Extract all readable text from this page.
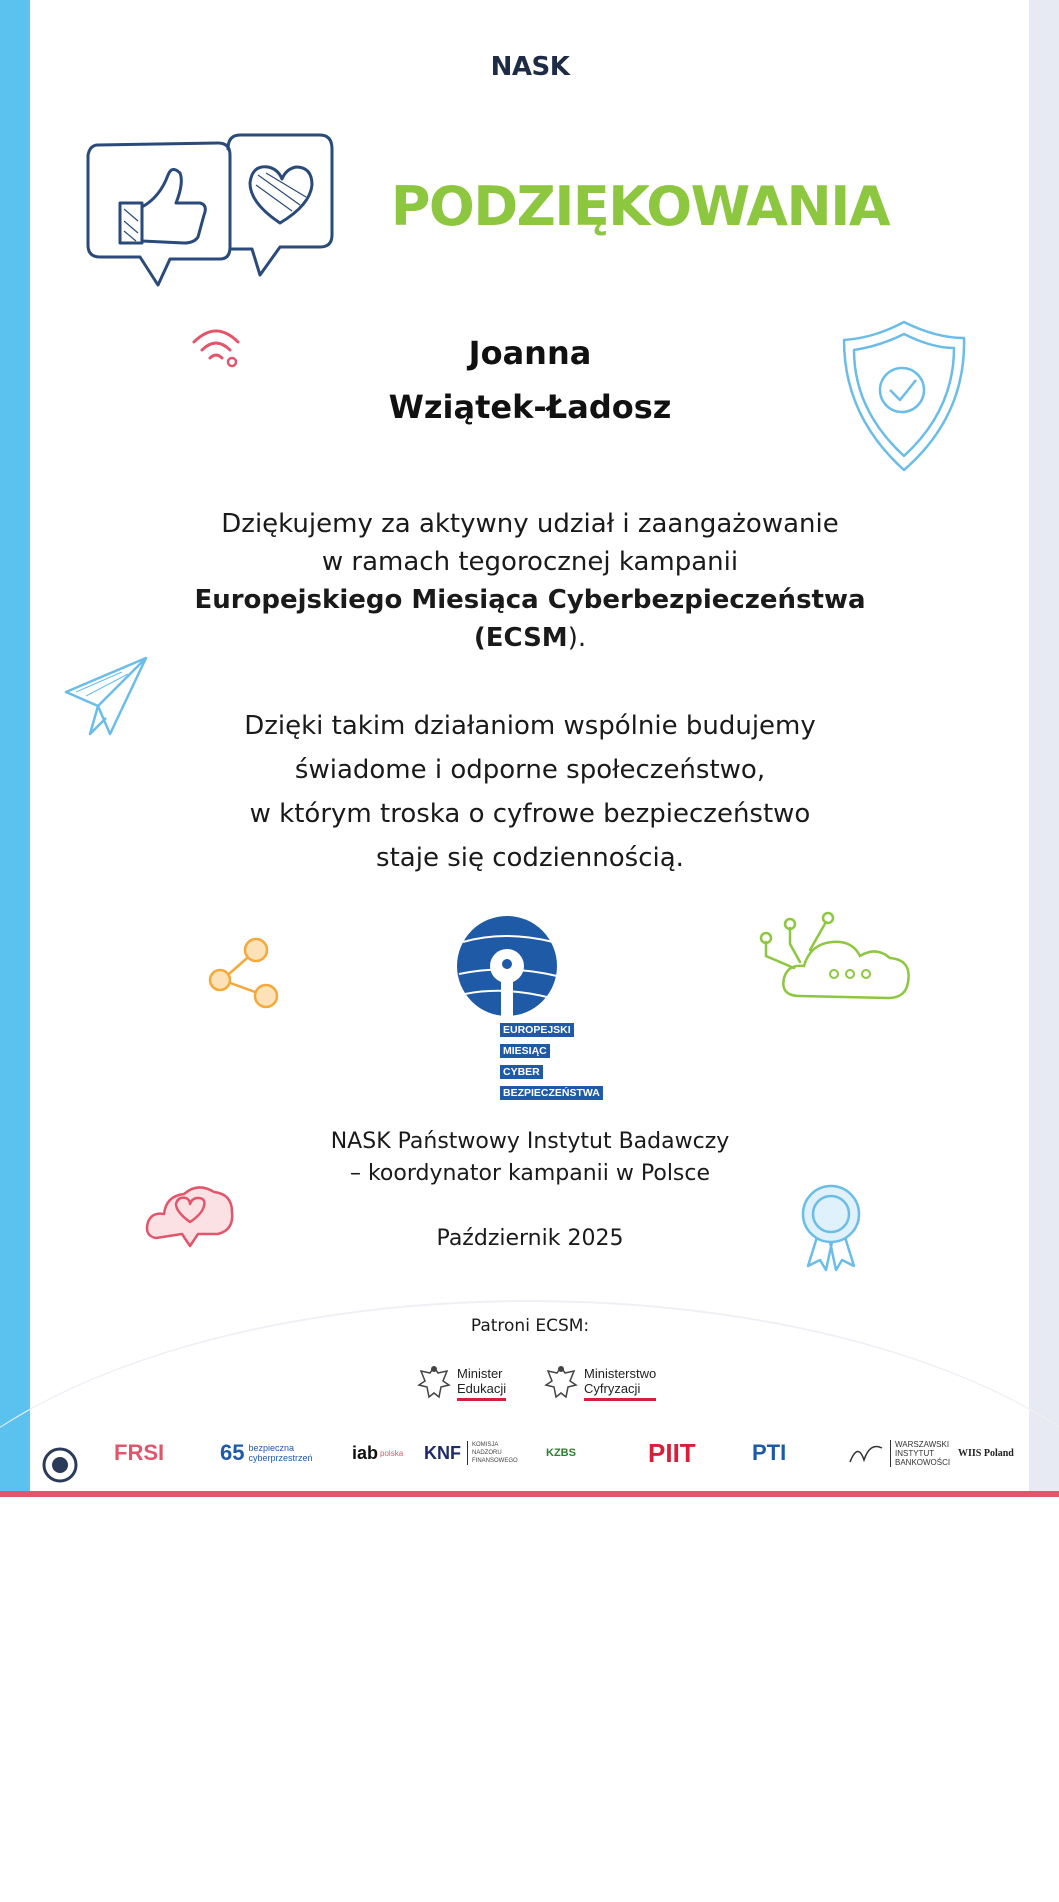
NASK
PODZIĘKOWANIA
Joanna
Wziątek-Ładosz
Dziękujemy za aktywny udział i zaangażowanie
w ramach tegorocznej kampanii
Europejskiego Miesiąca Cyberbezpieczeństwa
(ECSM).
Dzięki takim działaniom wspólnie budujemy
świadome i odporne społeczeństwo,
w którym troska o cyfrowe bezpieczeństwo
staje się codziennością.
EUROPEJSKI
MIESIĄC
CYBER
BEZPIECZEŃSTWA
NASK Państwowy Instytut Badawczy
– koordynator kampanii w Polsce
Październik 2025
Patroni ECSM:
Minister
Edukacji
Ministerstwo
Cyfryzacji
FRSI	65 bezpieczna
cyberprzestrzeń iab polska KNF	KOMISJA NADZORU FINANSOWEGO
KZBS	PIIT	PTI	WARSZAWSKI
INSTYTUT
BANKOWOŚCI
WIIS Poland
